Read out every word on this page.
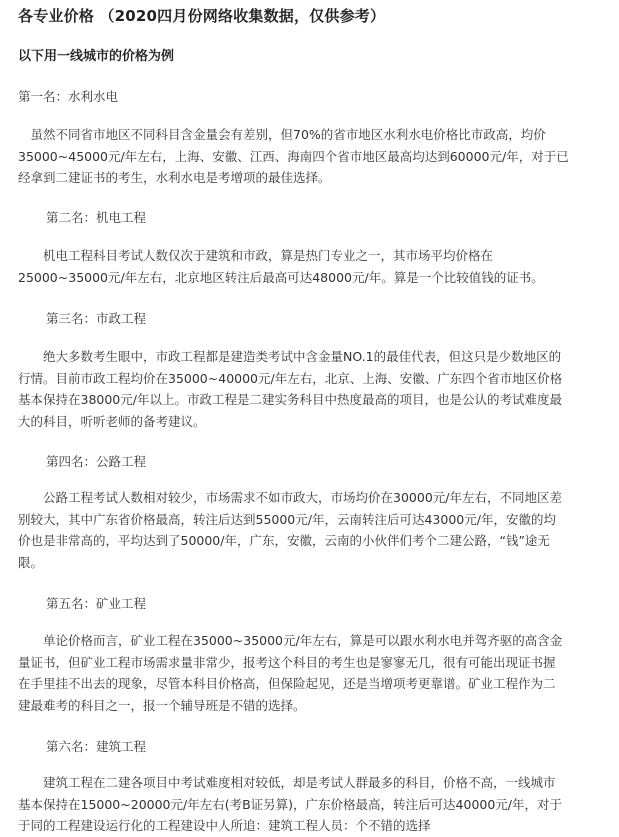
各专业价格 （2020四月份网络收集数据，仅供参考）
以下用一线城市的价格为例
第一名：水利水电

　虽然不同省市地区不同科目含金量会有差别，但70%的省市地区水利水电价格比市政高，均价
35000~45000元/年左右，上海、安徽、江西、海南四个省市地区最高均达到60000元/年，对于已
经拿到二建证书的考生，水利水电是考增项的最佳选择。

第二名：机电工程

　　机电工程科目考试人数仅次于建筑和市政，算是热门专业之一，其市场平均价格在
25000~35000元/年左右，北京地区转注后最高可达48000元/年。算是一个比较值钱的证书。

第三名：市政工程

　　绝大多数考生眼中，市政工程都是建造类考试中含金量NO.1的最佳代表，但这只是少数地区的
行情。目前市政工程均价在35000~40000元/年左右，北京、上海、安徽、广东四个省市地区价格
基本保持在38000元/年以上。市政工程是二建实务科目中热度最高的项目，也是公认的考试难度最
大的科目，听听老师的备考建议。

第四名：公路工程

　　公路工程考试人数相对较少，市场需求不如市政大，市场均价在30000元/年左右，不同地区差
别较大，其中广东省价格最高，转注后达到55000元/年，云南转注后可达43000元/年，安徽的均
价也是非常高的，平均达到了50000/年，广东，安徽，云南的小伙伴们考个二建公路，“钱”途无
限。

第五名：矿业工程

　　单论价格而言，矿业工程在35000~35000元/年左右，算是可以跟水利水电并驾齐驱的高含金
量证书，但矿业工程市场需求量非常少，报考这个科目的考生也是寥寥无几，很有可能出现证书握
在手里挂不出去的现象，尽管本科目价格高，但保险起见，还是当增项考更靠谱。矿业工程作为二
建最难考的科目之一，报一个辅导班是不错的选择。

第六名：建筑工程

　　建筑工程在二建各项目中考试难度相对较低，却是考试人群最多的科目，价格不高，一线城市
基本保持在15000~20000元/年左右(考B证另算)，广东价格最高，转注后可达40000元/年，对于
于同的工程建设运行化的工程建设中人所追：建筑工程人员：个不错的选择
